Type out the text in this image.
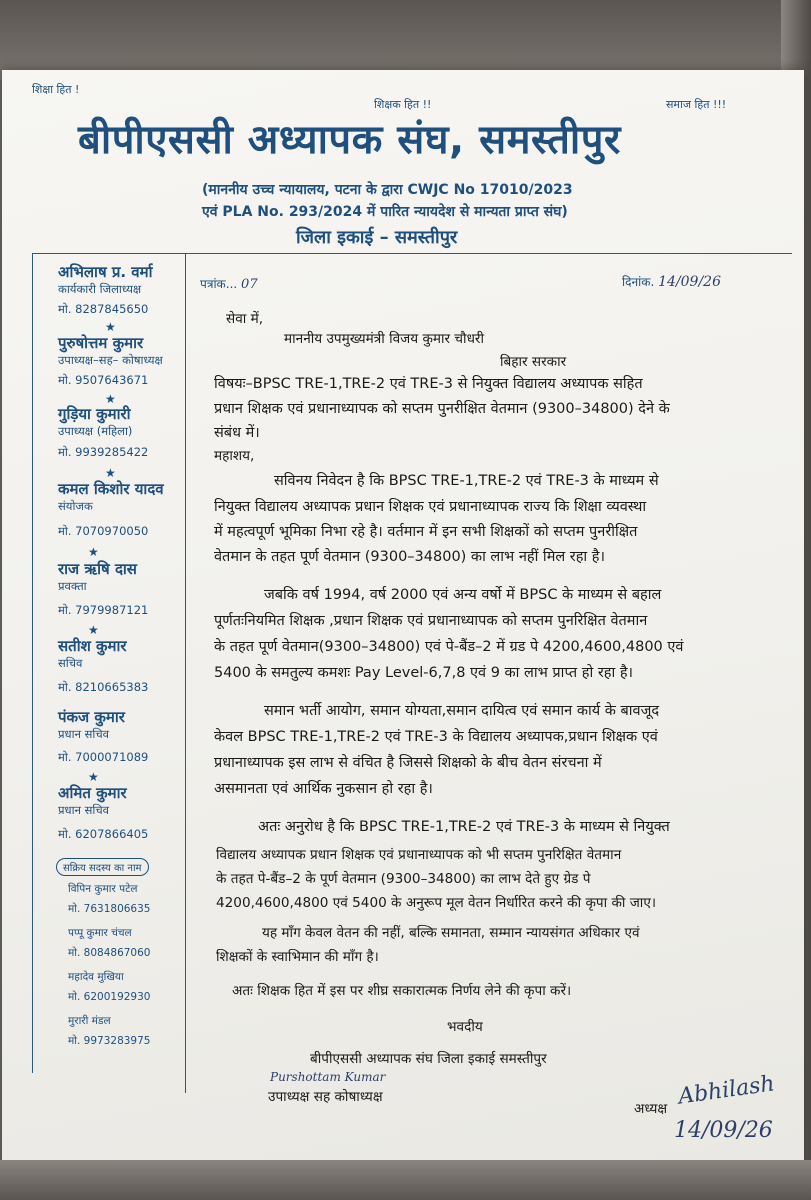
शिक्षा हित !
शिक्षक हित !!	समाज हित !!!
बीपीएससी अध्यापक संघ, समस्तीपुर
(माननीय उच्च न्यायालय, पटना के द्वारा CWJC No 17010/2023
एवं PLA No. 293/2024 में पारित न्यायदेश से मान्यता प्राप्त संघ)
जिला इकाई – समस्तीपुर
पत्रांक... 07	दिनांक. 14/09/26
अभिलाष प्र. वर्मा
कार्यकारी जिलाध्यक्ष
मो. 8287845650
★
पुरुषोत्तम कुमार
उपाध्यक्ष–सह– कोषाध्यक्ष
मो. 9507643671
★
गुड़िया कुमारी
उपाध्यक्ष (महिला)
मो. 9939285422
★
कमल किशोर यादव
संयोजक
मो. 7070970050
★
राज ऋषि दास
प्रवक्ता
मो. 7979987121
★
सतीश कुमार
सचिव
मो. 8210665383
पंकज कुमार
प्रधान सचिव
मो. 7000071089
★
अमित कुमार
प्रधान सचिव
मो. 6207866405
सक्रिय सदस्य का नाम
विपिन कुमार पटेल
मो. 7631806635
पप्पू कुमार चंचल
मो. 8084867060
महादेव मुखिया
मो. 6200192930
मुरारी मंडल
मो. 9973283975
सेवा में,
माननीय उपमुख्यमंत्री विजय कुमार चौधरी
बिहार सरकार
विषयः–BPSC TRE-1,TRE-2 एवं TRE-3 से नियुक्त विद्यालय अध्यापक सहित
प्रधान शिक्षक एवं प्रधानाध्यापक को सप्तम पुनरीक्षित वेतमान (9300–34800) देने के
संबंध में।
महाशय,
सविनय निवेदन है कि BPSC TRE-1,TRE-2 एवं TRE-3 के माध्यम से
नियुक्त विद्यालय अध्यापक प्रधान शिक्षक एवं प्रधानाध्यापक राज्य कि शिक्षा व्यवस्था
में महत्वपूर्ण भूमिका निभा रहे है। वर्तमान में इन सभी शिक्षकों को सप्तम पुनरीक्षित
वेतमान के तहत पूर्ण वेतमान (9300–34800) का लाभ नहीं मिल रहा है।
जबकि वर्ष 1994, वर्ष 2000 एवं अन्य वर्षो में BPSC के माध्यम से बहाल
पूर्णतःनियमित शिक्षक ,प्रधान शिक्षक एवं प्रधानाध्यापक को सप्तम पुनरिक्षित वेतमान
के तहत पूर्ण वेतमान(9300–34800) एवं पे-बैंड–2 में ग्रड पे 4200,4600,4800 एवं
5400 के समतुल्य कमशः Pay Level-6,7,8 एवं 9 का लाभ प्राप्त हो रहा है।
समान भर्ती आयोग, समान योग्यता,समान दायित्व एवं समान कार्य के बावजूद
केवल BPSC TRE-1,TRE-2 एवं TRE-3 के विद्यालय अध्यापक,प्रधान शिक्षक एवं
प्रधानाध्यापक इस लाभ से वंचित है जिससे शिक्षको के बीच वेतन संरचना में
असमानता एवं आर्थिक नुकसान हो रहा है।
अतः अनुरोध है कि BPSC TRE-1,TRE-2 एवं TRE-3 के माध्यम से नियुक्त
विद्यालय अध्यापक प्रधान शिक्षक एवं प्रधानाध्यापक को भी सप्तम पुनरिक्षित वेतमान
के तहत पे-बैंड–2 के पूर्ण वेतमान (9300–34800) का लाभ देते हुए ग्रेड पे
4200,4600,4800 एवं 5400 के अनुरूप मूल वेतन निर्धारित करने की कृपा की जाए।
यह माँग केवल वेतन की नहीं, बल्कि समानता, सम्मान न्यायसंगत अधिकार एवं
शिक्षकों के स्वाभिमान की माँग है।
अतः शिक्षक हित में इस पर शीघ्र सकारात्मक निर्णय लेने की कृपा करें।
भवदीय
बीपीएससी अध्यापक संघ जिला इकाई समस्तीपुर
Purshottam Kumar
उपाध्यक्ष सह कोषाध्यक्ष	Abhilash
14/09/26
अध्यक्ष
